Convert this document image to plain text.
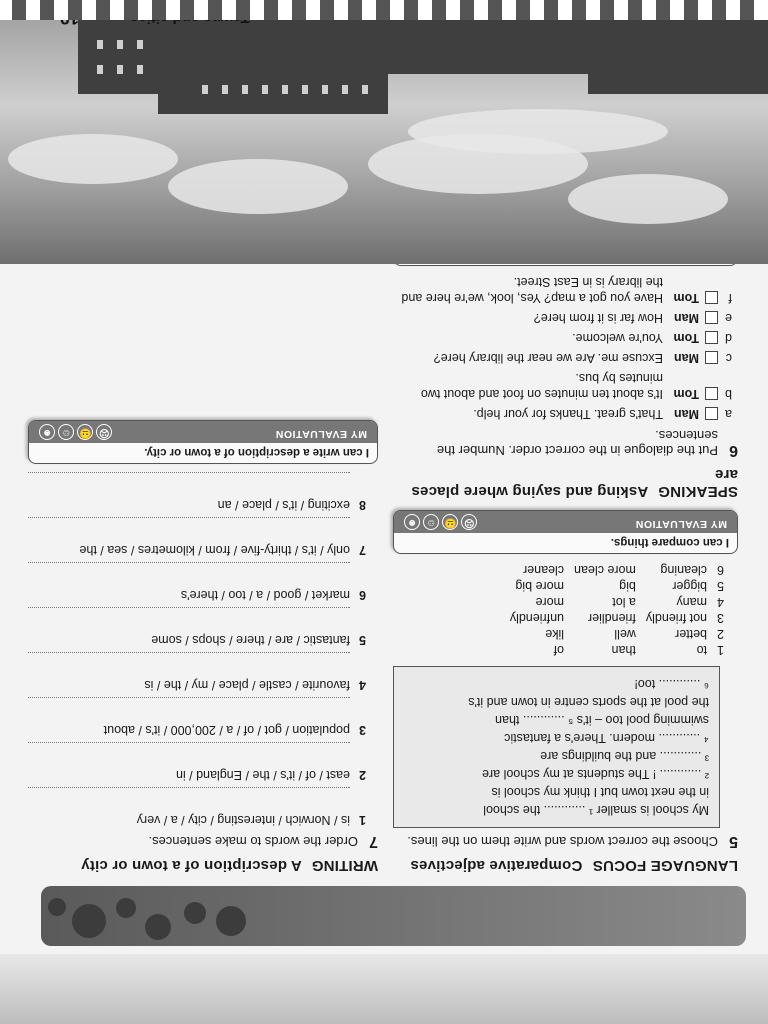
LANGUAGE FOCUS Comparative adjectives
5
Choose the correct words and write them on the lines.
My school is smaller ¹ ............ the school
in the next town but I think my school is
² ............ ! The students at my school are
³ ............ and the buildings are
⁴ ............ modern. There's a fantastic
swimming pool too – it's ⁵ ............ than
the pool at the sports centre in town and it's
⁶ ............ too!
1	to	than	of
2	better	well	like
3	not friendly	friendlier	unfriendly
4	many	a lot	more
5	bigger	big	more big
6	cleaning	more clean	cleaner
I can compare things.
MY EVALUATION
☹😐☺☻
SPEAKING Asking and saying where places are
6
Put the dialogue in the correct order. Number the sentences.
a
Man
That's great. Thanks for your help.
b
Tom
It's about ten minutes on foot and about two minutes by bus.
c
Man
Excuse me. Are we near the library here?
d
Tom
You're welcome.
e
Man
How far is it from here?
f
Tom
Have you got a map? Yes, look, we're here and the library is in East Street.
WRITING A description of a town or city
7
Order the words to make sentences.
1
is / Norwich / interesting / city / a / very
2
east / of / it's / the / England / in
3
population / got / of / a / 200,000 / it's / about
4
favourite / castle / place / my / the / is
5
fantastic / are / there / shops / some
6
market / good / a / too / there's
7
only / it's / thirty-five / from / kilometres / sea / the
8
exciting / it's / place / an
I can write a description of a town or city.
MY EVALUATION
☹😐☺☻
